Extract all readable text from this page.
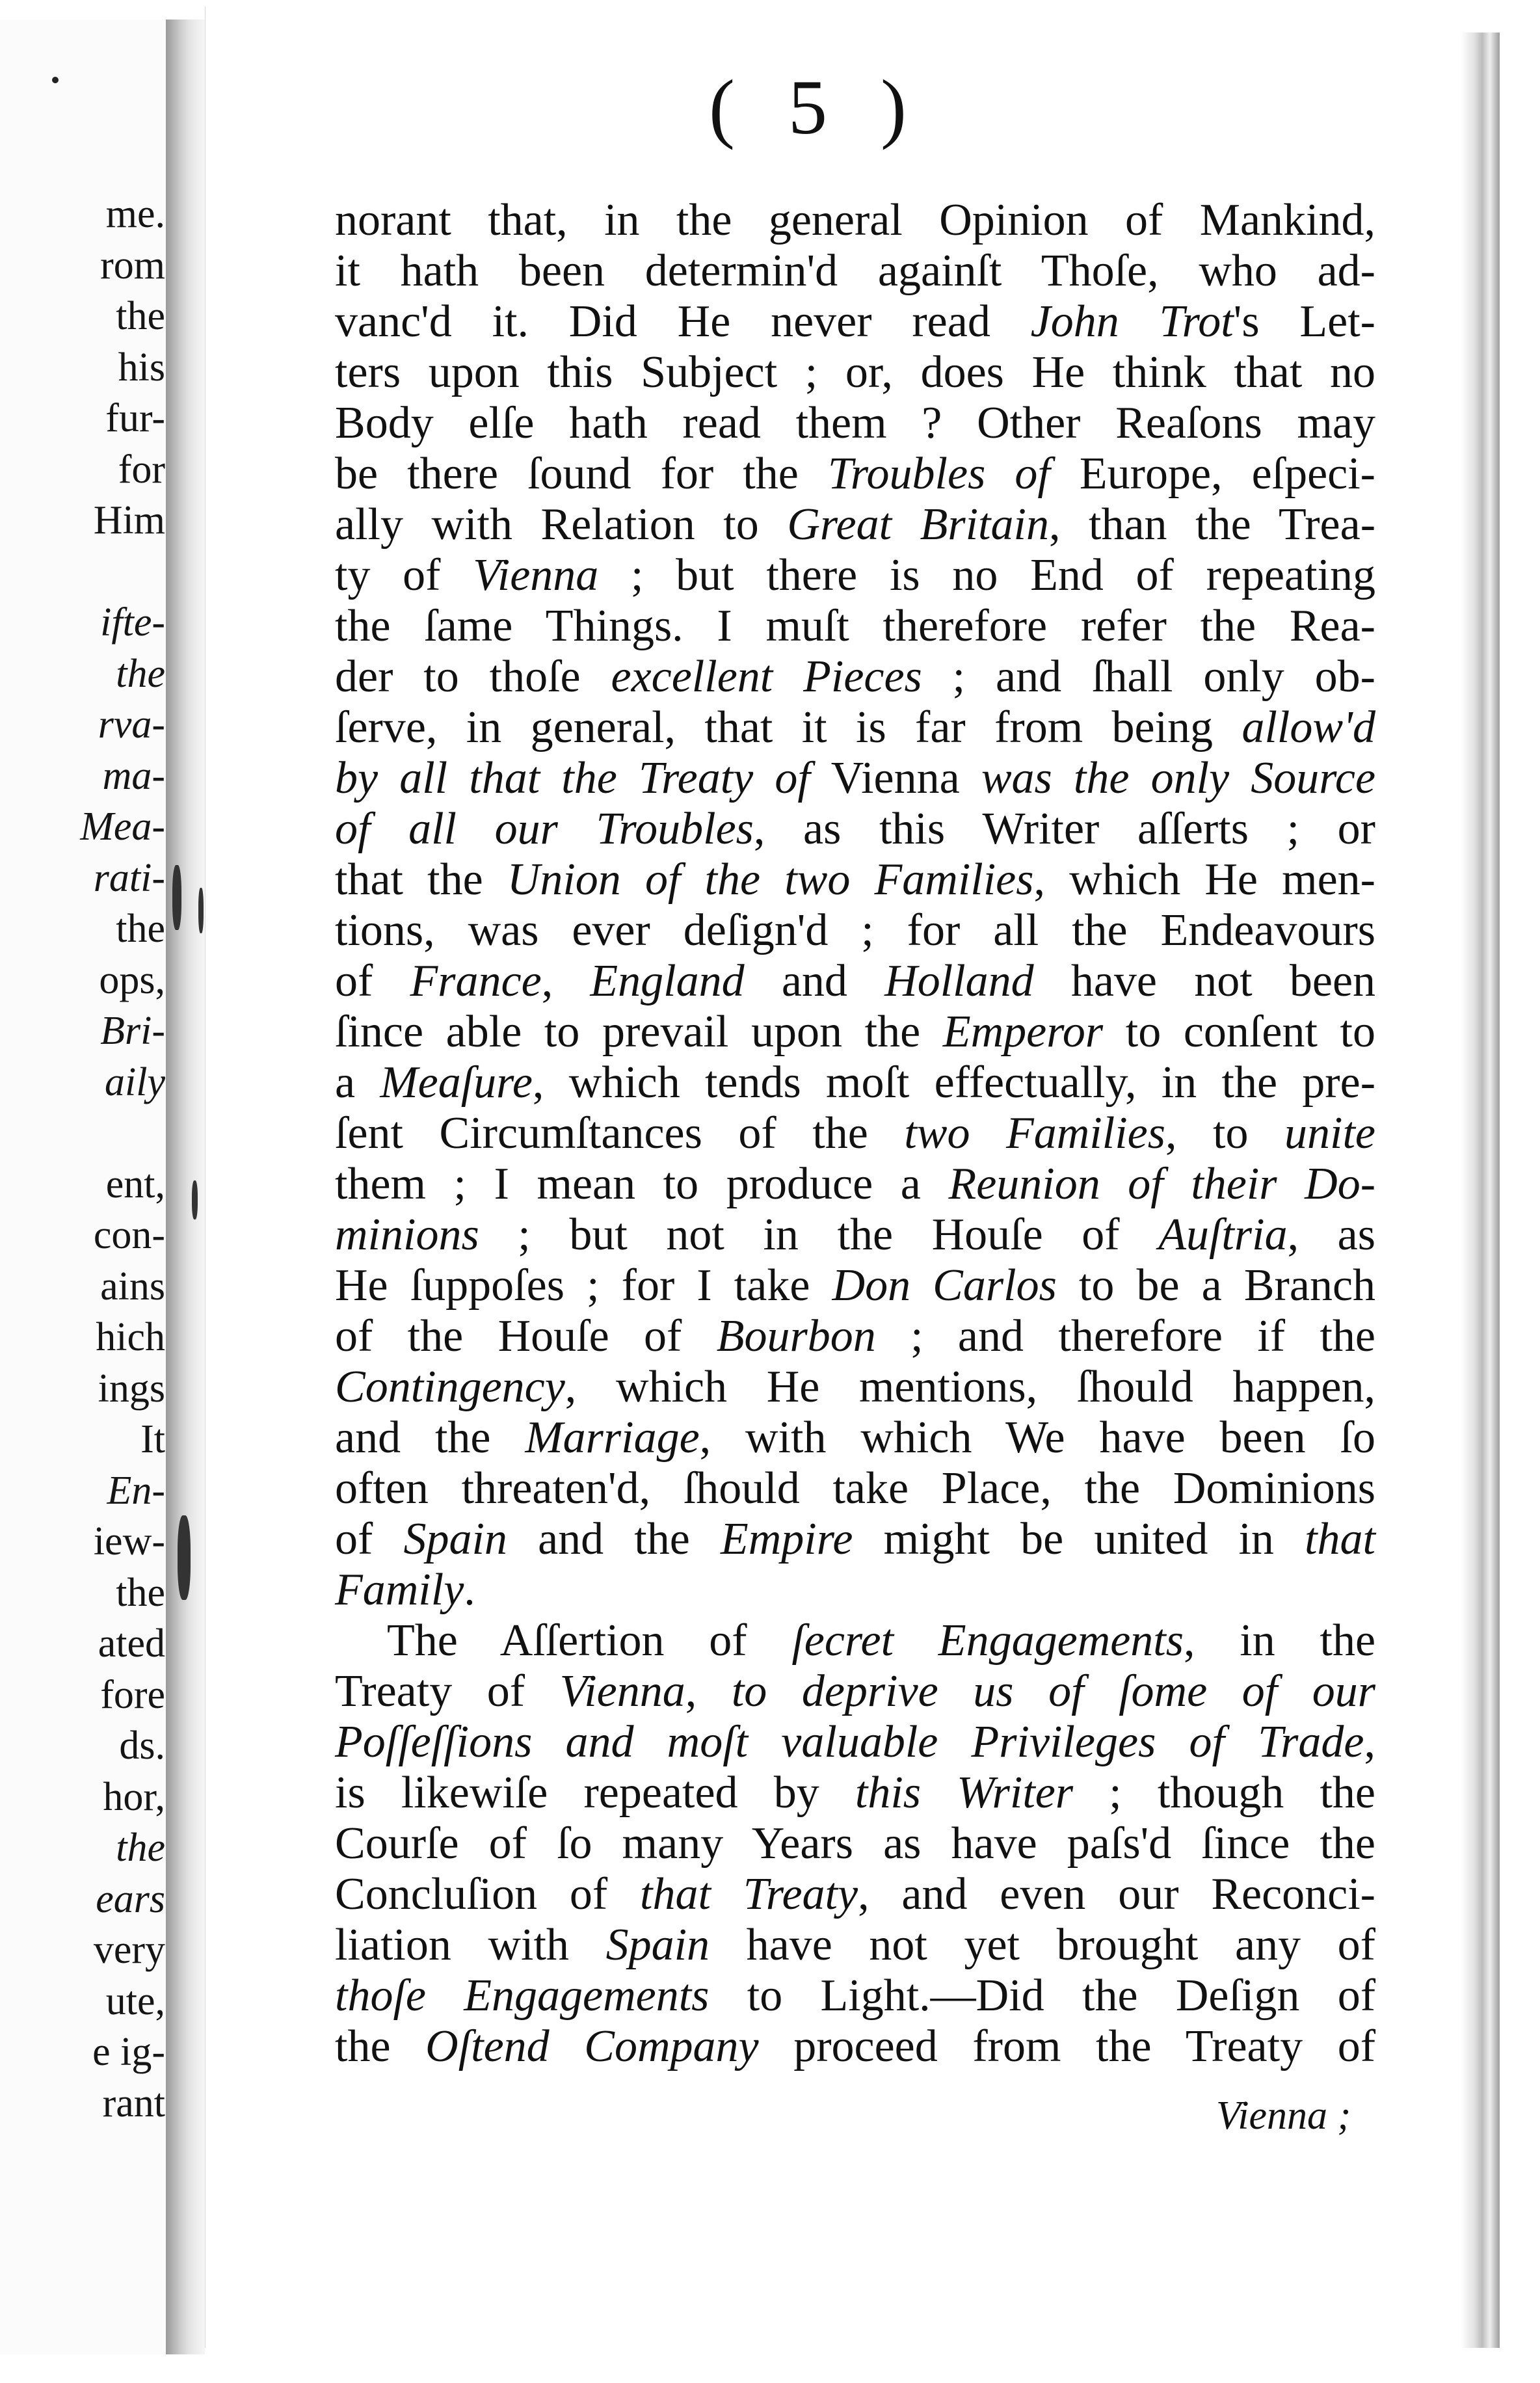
me.
rom
the
his
fur-
for
Him
ifte-
the
rva-
ma-
Mea-
rati-
the
ops,
Bri-
aily
ent,
con-
ains
hich
ings
It
En-
iew-
the
ated
fore
ds.
hor,
the
ears
very
ute,
e ig-
rant
( 5 )
norant that, in the general Opinion of Mankind,
it hath been determin'd againſt Thoſe, who ad-
vanc'd it. Did He never read John Trot's Let-
ters upon this Subject ; or, does He think that no
Body elſe hath read them ? Other Reaſons may
be there ſound for the Troubles of Europe, eſpeci-
ally with Relation to Great Britain, than the Trea-
ty of Vienna ; but there is no End of repeating
the ſame Things. I muſt therefore refer the Rea-
der to thoſe excellent Pieces ; and ſhall only ob-
ſerve, in general, that it is far from being allow'd
by all that the Treaty of Vienna was the only Source
of all our Troubles, as this Writer aſſerts ; or
that the Union of the two Families, which He men-
tions, was ever deſign'd ; for all the Endeavours
of France, England and Holland have not been
ſince able to prevail upon the Emperor to conſent to
a Meaſure, which tends moſt effectually, in the pre-
ſent Circumſtances of the two Families, to unite
them ; I mean to produce a Reunion of their Do-
minions ; but not in the Houſe of Auſtria, as
He ſuppoſes ; for I take Don Carlos to be a Branch
of the Houſe of Bourbon ; and therefore if the
Contingency, which He mentions, ſhould happen,
and the Marriage, with which We have been ſo
often threaten'd, ſhould take Place, the Dominions
of Spain and the Empire might be united in that
Family.
The Aſſertion of ſecret Engagements, in the
Treaty of Vienna, to deprive us of ſome of our
Poſſeſſions and moſt valuable Privileges of Trade,
is likewiſe repeated by this Writer ; though the
Courſe of ſo many Years as have paſs'd ſince the
Concluſion of that Treaty, and even our Reconci-
liation with Spain have not yet brought any of
thoſe Engagements to Light.—Did the Deſign of
the Oſtend Company proceed from the Treaty of
Vienna ;
